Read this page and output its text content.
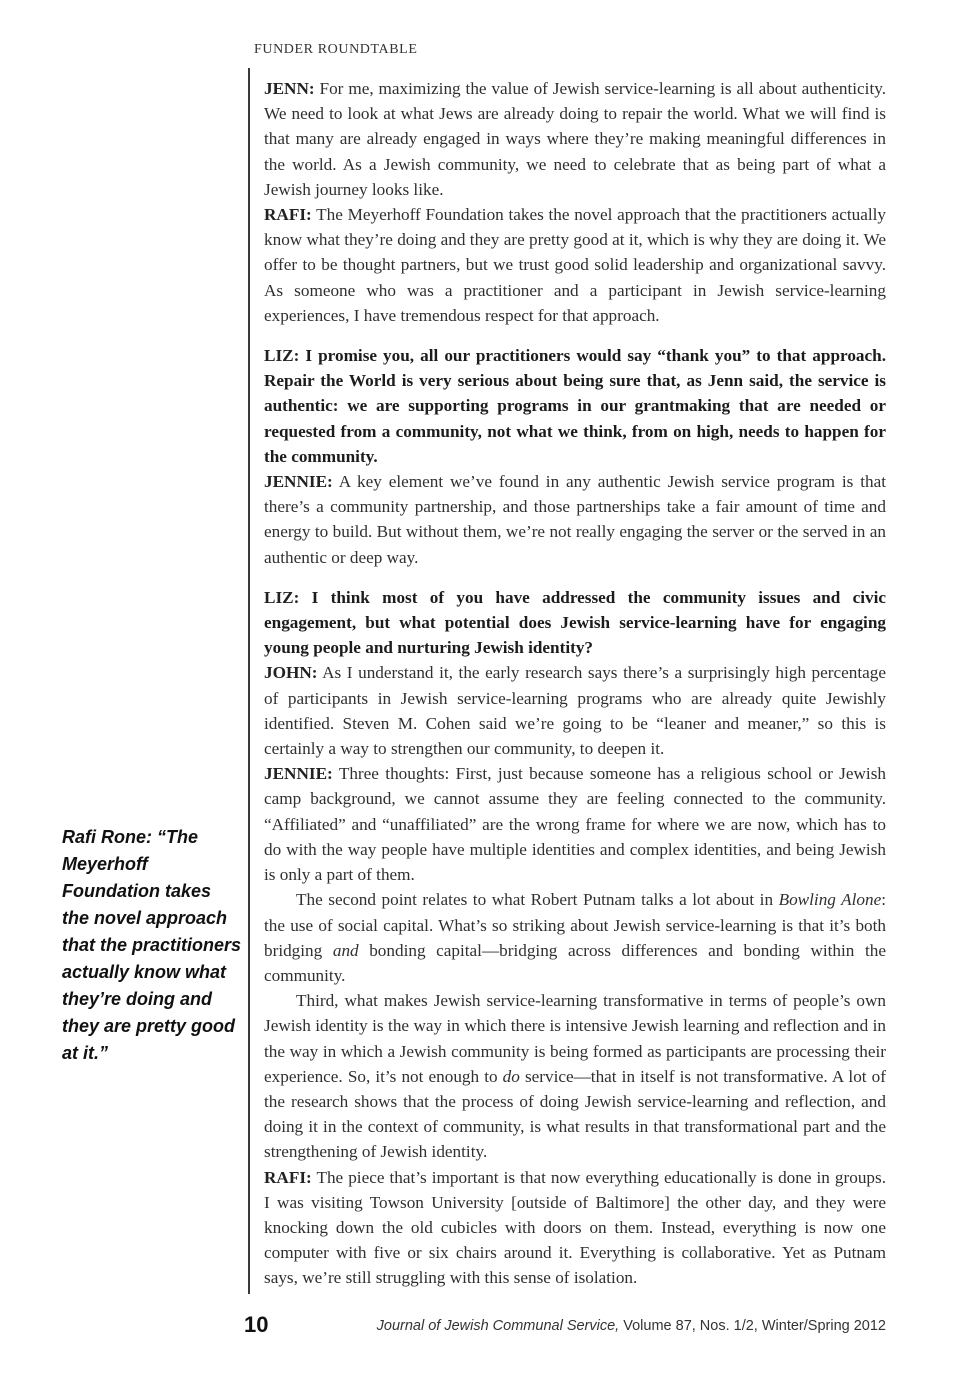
FUNDER ROUNDTABLE

JENN: For me, maximizing the value of Jewish service-learning is all about authenticity. We need to look at what Jews are already doing to repair the world. What we will find is that many are already engaged in ways where they’re making meaningful differences in the world. As a Jewish community, we need to celebrate that as being part of what a Jewish journey looks like.

RAFI: The Meyerhoff Foundation takes the novel approach that the practitioners actually know what they’re doing and they are pretty good at it, which is why they are doing it. We offer to be thought partners, but we trust good solid leadership and organizational savvy. As someone who was a practitioner and a participant in Jewish service-learning experiences, I have tremendous respect for that approach.

LIZ: I promise you, all our practitioners would say “thank you” to that approach. Repair the World is very serious about being sure that, as Jenn said, the service is authentic: we are supporting programs in our grantmaking that are needed or requested from a community, not what we think, from on high, needs to happen for the community.

JENNIE: A key element we’ve found in any authentic Jewish service program is that there’s a community partnership, and those partnerships take a fair amount of time and energy to build. But without them, we’re not really engaging the server or the served in an authentic or deep way.

LIZ: I think most of you have addressed the community issues and civic engagement, but what potential does Jewish service-learning have for engaging young people and nurturing Jewish identity?

JOHN: As I understand it, the early research says there’s a surprisingly high percentage of participants in Jewish service-learning programs who are already quite Jewishly identified. Steven M. Cohen said we’re going to be “leaner and meaner,” so this is certainly a way to strengthen our community, to deepen it.

JENNIE: Three thoughts: First, just because someone has a religious school or Jewish camp background, we cannot assume they are feeling connected to the community. “Affiliated” and “unaffiliated” are the wrong frame for where we are now, which has to do with the way people have multiple identities and complex identities, and being Jewish is only a part of them.

The second point relates to what Robert Putnam talks a lot about in Bowling Alone: the use of social capital. What’s so striking about Jewish service-learning is that it’s both bridging and bonding capital—bridging across differences and bonding within the community.

Third, what makes Jewish service-learning transformative in terms of people’s own Jewish identity is the way in which there is intensive Jewish learning and reflection and in the way in which a Jewish community is being formed as participants are processing their experience. So, it’s not enough to do service—that in itself is not transformative. A lot of the research shows that the process of doing Jewish service-learning and reflection, and doing it in the context of community, is what results in that transformational part and the strengthening of Jewish identity.

RAFI: The piece that’s important is that now everything educationally is done in groups. I was visiting Towson University [outside of Baltimore] the other day, and they were knocking down the old cubicles with doors on them. Instead, everything is now one computer with five or six chairs around it. Everything is collaborative. Yet as Putnam says, we’re still struggling with this sense of isolation.

Rafi Rone: “The Meyerhoff Foundation takes the novel approach that the practitioners actually know what they’re doing and they are pretty good at it.”
10	Journal of Jewish Communal Service, Volume 87, Nos. 1/2, Winter/Spring 2012
